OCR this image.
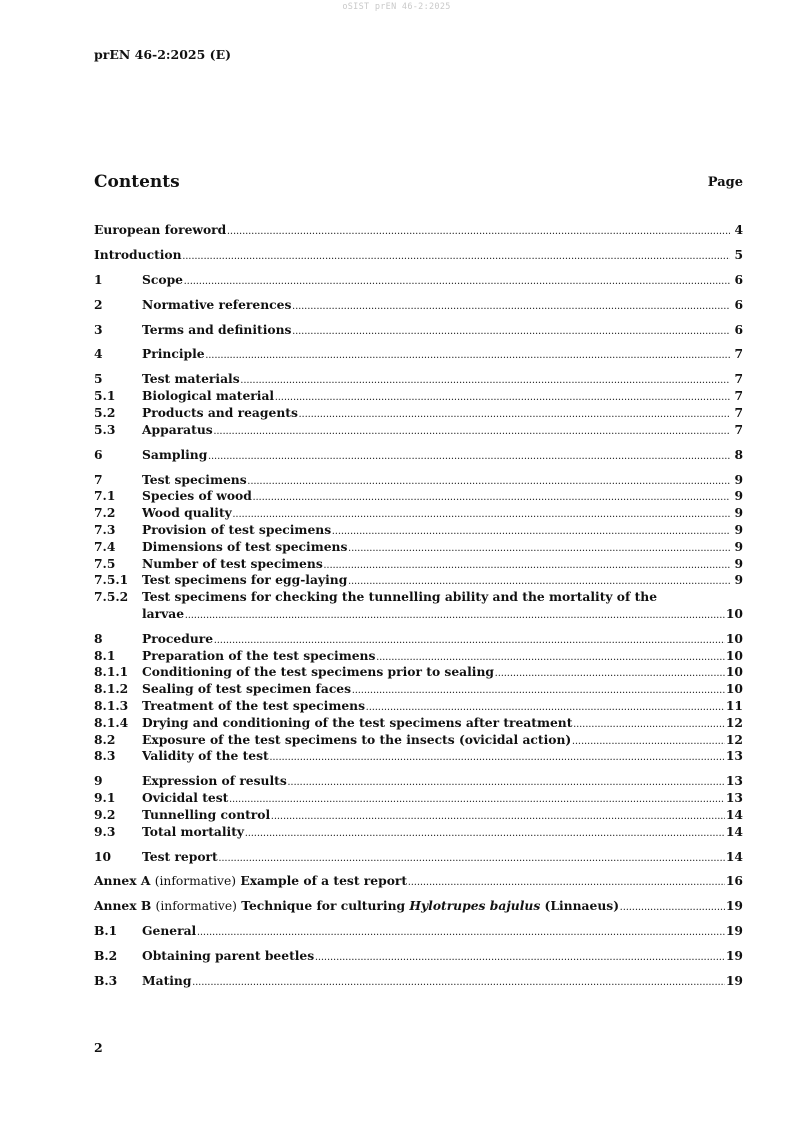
oSIST prEN 46-2:2025
prEN 46-2:2025 (E)
Contents	Page
European foreword .....	4
Introduction .....	5
1	Scope .....	6
2	Normative references .....	6
3	Terms and definitions .....	6
4	Principle .....	7
5	Test materials .....	7
5.1	Biological material .....	7
5.2	Products and reagents .....	7
5.3	Apparatus .....	7
6	Sampling .....	8
7	Test specimens .....	9
7.1	Species of wood .....	9
7.2	Wood quality .....	9
7.3	Provision of test specimens .....	9
7.4	Dimensions of test specimens .....	9
7.5	Number of test specimens .....	9
7.5.1	Test specimens for egg-laying .....	9
7.5.2	Test specimens for checking the tunnelling ability and the mortality of the
larvae .....	10
8	Procedure .....	10
8.1	Preparation of the test specimens .....	10
8.1.1	Conditioning of the test specimens prior to sealing .....	10
8.1.2	Sealing of test specimen faces .....	10
8.1.3	Treatment of the test specimens .....	11
8.1.4	Drying and conditioning of the test specimens after treatment .....	12
8.2	Exposure of the test specimens to the insects (ovicidal action) .....	12
8.3	Validity of the test .....	13
9	Expression of results .....	13
9.1	Ovicidal test .....	13
9.2	Tunnelling control .....	14
9.3	Total mortality .....	14
10	Test report .....	14
Annex A (informative) Example of a test report .....	16
Annex B (informative) Technique for culturing Hylotrupes bajulus (Linnaeus) .....	19
B.1	General .....	19
B.2	Obtaining parent beetles .....	19
B.3	Mating .....	19
2
